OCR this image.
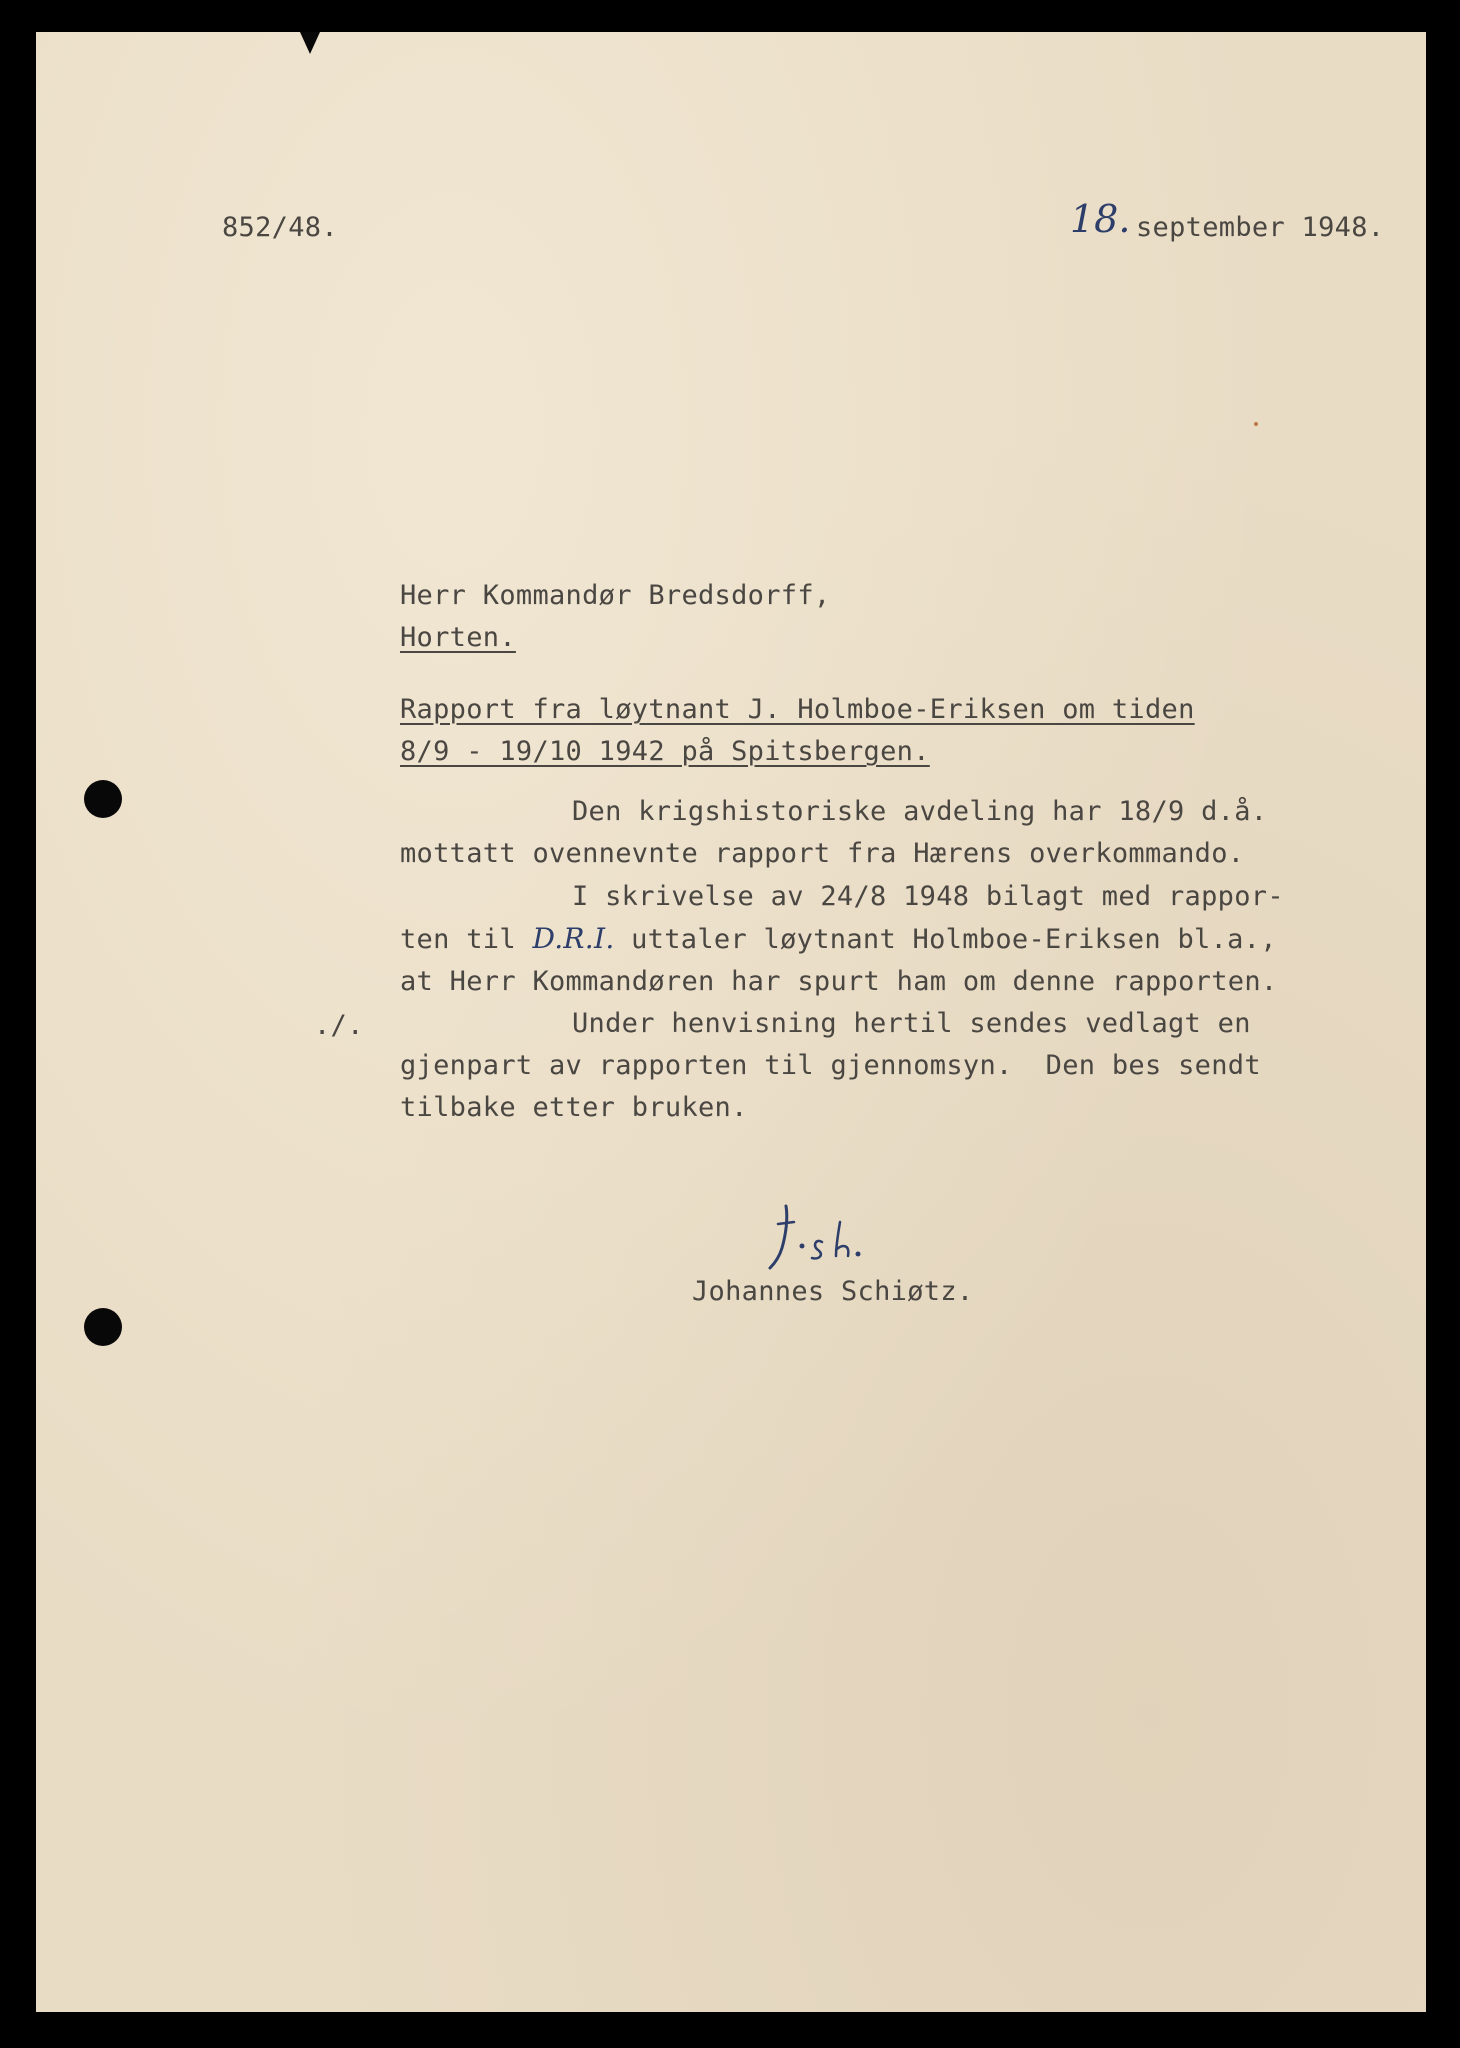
852/48.	18. september 1948.
Herr Kommandør Bredsdorff,
Horten.
Rapport fra løytnant J. Holmboe-Eriksen om tiden
8/9 - 19/10 1942 på Spitsbergen.
Den krigshistoriske avdeling har 18/9 d.å.
mottatt ovennevnte rapport fra Hærens overkommando.
I skrivelse av 24/8 1948 bilagt med rappor-
ten til D.R.I. uttaler løytnant Holmboe-Eriksen bl.a.,
at Herr Kommandøren har spurt ham om denne rapporten.
./.	Under henvisning hertil sendes vedlagt en
gjenpart av rapporten til gjennomsyn.  Den bes sendt
tilbake etter bruken.
Johannes Schiøtz.
